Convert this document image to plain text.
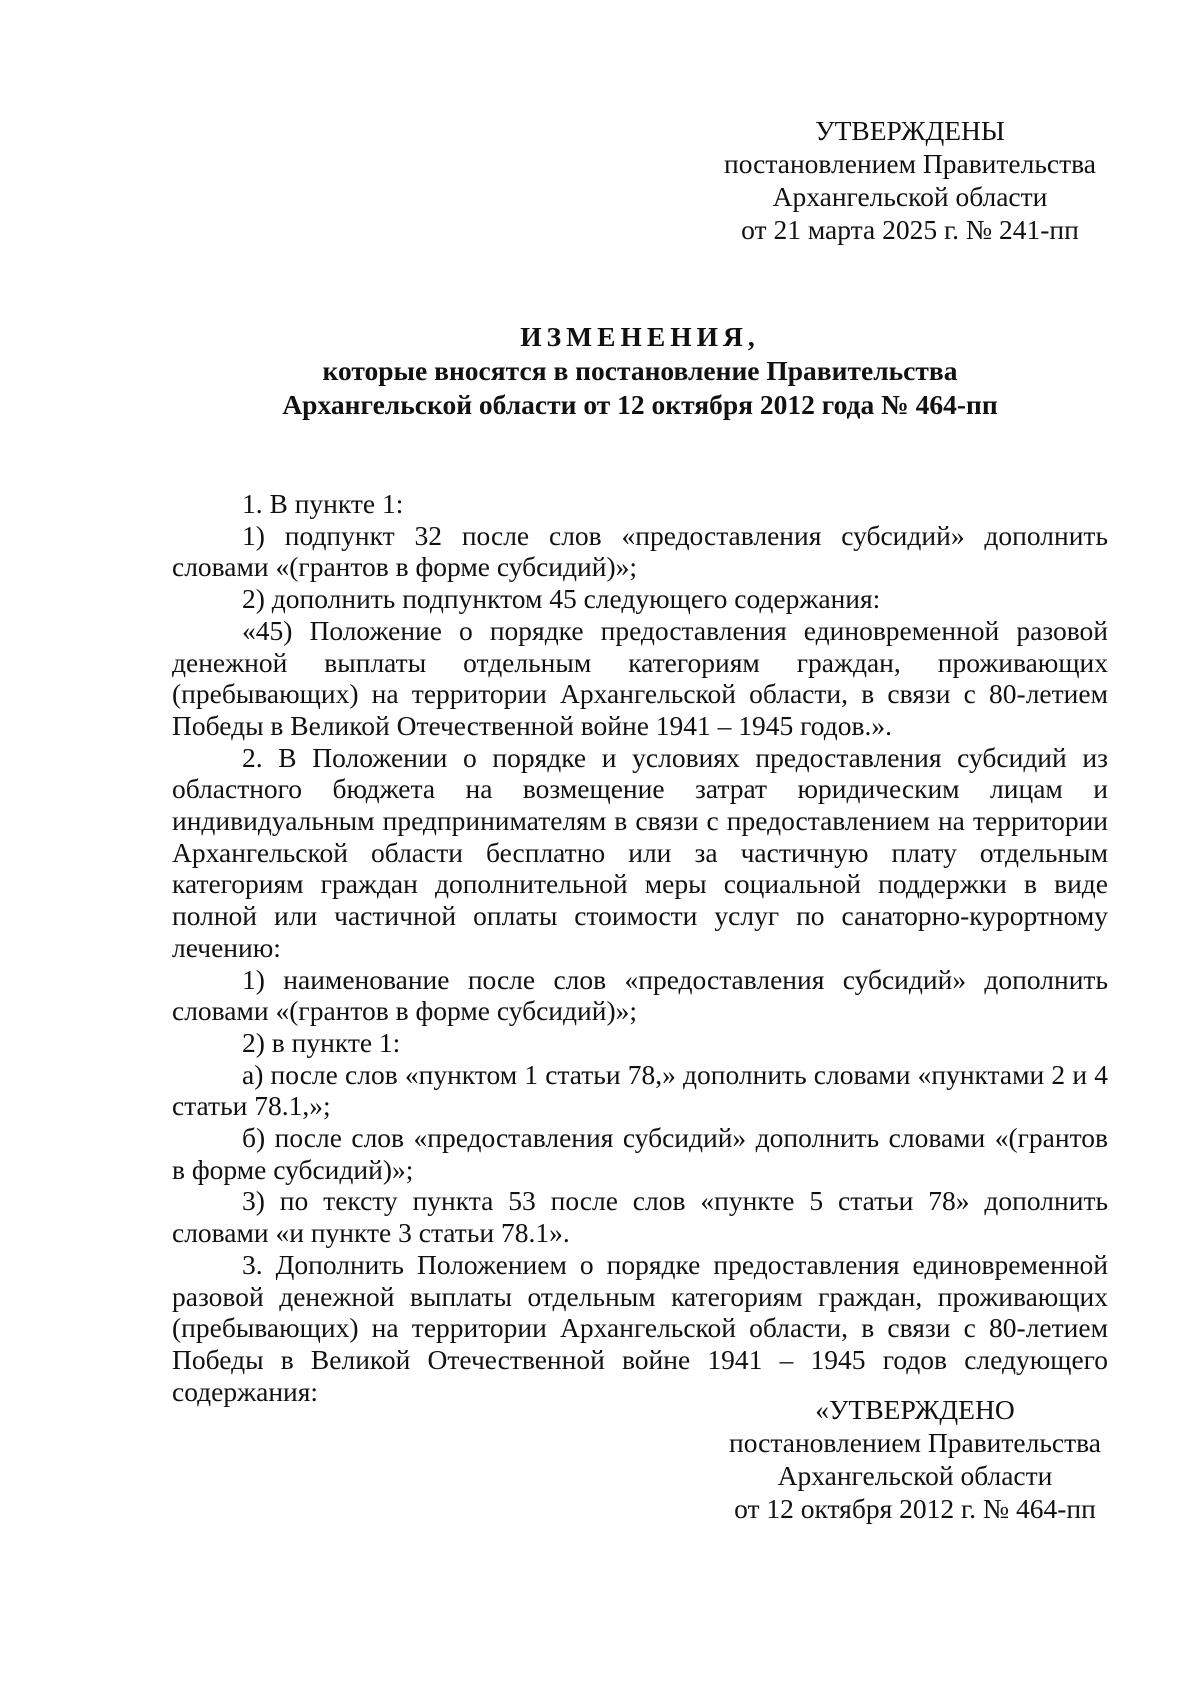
УТВЕРЖДЕНЫ
постановлением Правительства
Архангельской области
от 21 марта 2025 г. № 241-пп
ИЗМЕНЕНИЯ,
которые вносятся в постановление Правительства
Архангельской области от 12 октября 2012 года № 464-пп

1. В пункте 1:

1) подпункт 32 после слов «предоставления субсидий» дополнить словами «(грантов в форме субсидий)»;

2) дополнить подпунктом 45 следующего содержания:

«45) Положение о порядке предоставления единовременной разовой денежной выплаты отдельным категориям граждан, проживающих (пребывающих) на территории Архангельской области, в связи с 80-летием Победы в Великой Отечественной войне 1941 – 1945 годов.».

2. В Положении о порядке и условиях предоставления субсидий из областного бюджета на возмещение затрат юридическим лицам и индивидуальным предпринимателям в связи с предоставлением на территории Архангельской области бесплатно или за частичную плату отдельным категориям граждан дополнительной меры социальной поддержки в виде полной или частичной оплаты стоимости услуг по санаторно-курортному лечению:

1) наименование после слов «предоставления субсидий» дополнить словами «(грантов в форме субсидий)»;

2) в пункте 1:

а) после слов «пунктом 1 статьи 78,» дополнить словами «пунктами 2 и 4 статьи 78.1,»;

б) после слов «предоставления субсидий» дополнить словами «(грантов в форме субсидий)»;

3) по тексту пункта 53 после слов «пункте 5 статьи 78» дополнить словами «и пункте 3 статьи 78.1».

3. Дополнить Положением о порядке предоставления единовременной разовой денежной выплаты отдельным категориям граждан, проживающих (пребывающих) на территории Архангельской области, в связи с 80-летием Победы в Великой Отечественной войне 1941 – 1945 годов следующего содержания:

«УТВЕРЖДЕНО
постановлением Правительства
Архангельской области
от 12 октября 2012 г. № 464-пп
